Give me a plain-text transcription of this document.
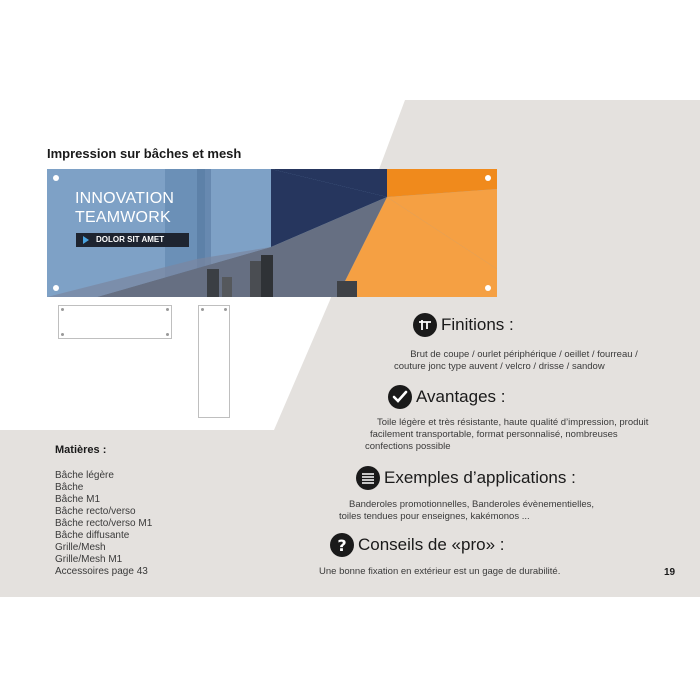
Impression sur bâches et mesh
INNOVATION
TEAMWORK
DOLOR SIT AMET
Matières :
Bâche légère
Bâche
Bâche M1
Bâche recto/verso
Bâche recto/verso M1
Bâche diffusante
Grille/Mesh
Grille/Mesh M1
Accessoires page 43
Finitions :
Brut de coupe / ourlet périphérique / oeillet / fourreau /
couture jonc type auvent / velcro / drisse / sandow
Avantages :
Toile légère et très résistante, haute qualité d’impression, produit
facilement transportable, format personnalisé, nombreuses
confections possible
Exemples d’applications :
Banderoles promotionnelles, Banderoles évènementielles,
toiles tendues pour enseignes, kakémonos ...
? Conseils de «pro» :
Une bonne fixation en extérieur est un gage de durabilité.	19
